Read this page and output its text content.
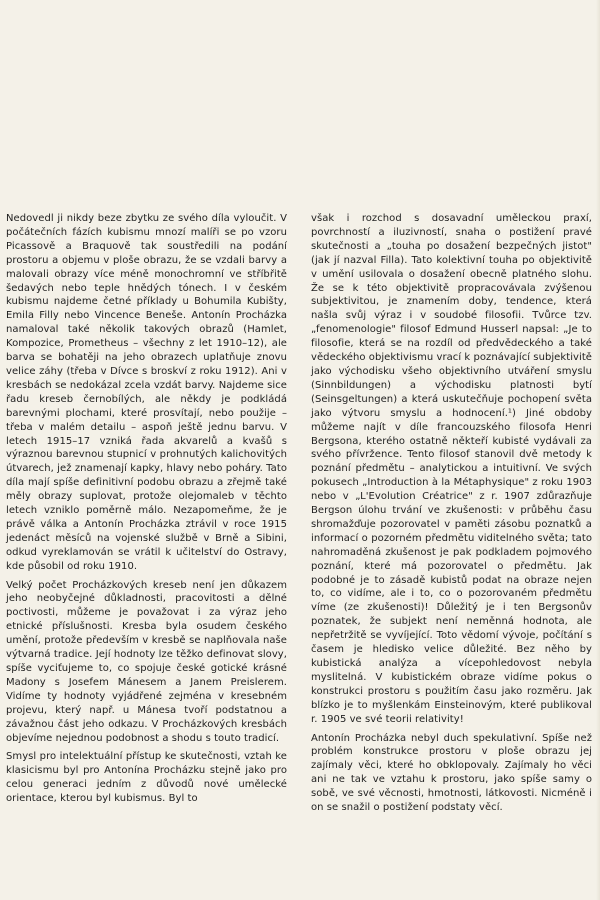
Nedovedl ji nikdy beze zbytku ze svého díla vyloučit. V počátečních fázích kubismu mnozí malíři se po vzoru Picassově a Braquově tak soustředili na podání prostoru a objemu v ploše obrazu, že se vzdali barvy a malovali obrazy více méně monochromní ve stříbřitě šedavých nebo teple hnědých tónech. I v českém kubismu najdeme četné příklady u Bohumila Kubišty, Emila Filly nebo Vincence Beneše. Antonín Procházka namaloval také několik takových obrazů (Hamlet, Kompozice, Prometheus – všechny z let 1910–12), ale barva se bohatěji na jeho obrazech uplatňuje znovu velice záhy (třeba v Dívce s broskví z roku 1912). Ani v kresbách se nedokázal zcela vzdát barvy. Najdeme sice řadu kreseb černobílých, ale někdy je podkládá barevnými plochami, které prosvítají, nebo použije – třeba v malém detailu – aspoň ještě jednu barvu. V letech 1915–17 vzniká řada akvarelů a kvašů s výraznou barevnou stupnicí v prohnutých kalichovitých útvarech, jež znamenají kapky, hlavy nebo poháry. Tato díla mají spíše definitivní podobu obrazu a zřejmě také měly obrazy suplovat, protože olejomaleb v těchto letech vzniklo poměrně málo. Nezapomeňme, že je právě válka a Antonín Procházka ztrávil v roce 1915 jedenáct měsíců na vojenské službě v Brně a Sibini, odkud vyreklamován se vrátil k učitelství do Ostravy, kde působil od roku 1910.

Velký počet Procházkových kreseb není jen důkazem jeho neobyčejné důkladnosti, pracovitosti a dělné poctivosti, můžeme je považovat i za výraz jeho etnické příslušnosti. Kresba byla osudem českého umění, protože především v kresbě se naplňovala naše výtvarná tradice. Její hodnoty lze těžko definovat slovy, spíše vyciťujeme to, co spojuje české gotické krásné Madony s Josefem Mánesem a Janem Preislerem. Vidíme ty hodnoty vyjádřené zejména v kresebném projevu, který např. u Mánesa tvoří podstatnou a závažnou část jeho odkazu. V Procházkových kresbách objevíme nejednou podobnost a shodu s touto tradicí.

Smysl pro intelektuální přístup ke skutečnosti, vztah ke klasicismu byl pro Antonína Procházku stejně jako pro celou generaci jedním z důvodů nové umělecké orientace, kterou byl kubismus. Byl to

však i rozchod s dosavadní uměleckou praxí, povrchností a iluzivností, snaha o postižení pravé skutečnosti a „touha po dosažení bezpečných jistot" (jak jí nazval Filla). Tato kolektivní touha po objektivitě v umění usilovala o dosažení obecně platného slohu. Že se k této objektivitě propracovávala zvýšenou subjektivitou, je znamením doby, tendence, která našla svůj výraz i v soudobé filosofii. Tvůrce tzv. „fenomenologie" filosof Edmund Husserl napsal: „Je to filosofie, která se na rozdíl od předvědeckého a také vědeckého objektivismu vrací k poznávající subjektivitě jako východisku všeho objektivního utváření smyslu (Sinnbildungen) a východisku platnosti bytí (Seinsgeltungen) a která uskutečňuje pochopení světa jako výtvoru smyslu a hodnocení.¹) Jiné obdoby můžeme najít v díle francouzského filosofa Henri Bergsona, kterého ostatně někteří kubisté vydávali za svého přívržence. Tento filosof stanovil dvě metody k poznání předmětu – analytickou a intuitivní. Ve svých pokusech „Introduction à la Métaphysique" z roku 1903 nebo v „L'Evolution Créatrice" z r. 1907 zdůrazňuje Bergson úlohu trvání ve zkušenosti: v průběhu času shromažďuje pozorovatel v paměti zásobu poznatků a informací o pozorném předmětu viditelného světa; tato nahromaděná zkušenost je pak podkladem pojmového poznání, které má pozorovatel o předmětu. Jak podobné je to zásadě kubistů podat na obraze nejen to, co vidíme, ale i to, co o pozorovaném předmětu víme (ze zkušenosti)! Důležitý je i ten Bergsonův poznatek, že subjekt není neměnná hodnota, ale nepřetržitě se vyvíjející. Toto vědomí vývoje, počítání s časem je hledisko velice důležité. Bez něho by kubistická analýza a vícepohledovost nebyla myslitelná. V kubistickém obraze vidíme pokus o konstrukci prostoru s použitím času jako rozměru. Jak blízko je to myšlenkám Einsteinovým, které publikoval r. 1905 ve své teorii relativity!

Antonín Procházka nebyl duch spekulativní. Spíše než problém konstrukce prostoru v ploše obrazu jej zajímaly věci, které ho obklopovaly. Zajímaly ho věci ani ne tak ve vztahu k prostoru, jako spíše samy o sobě, ve své věcnosti, hmotnosti, látkovosti. Nicméně i on se snažil o postižení podstaty věcí.
